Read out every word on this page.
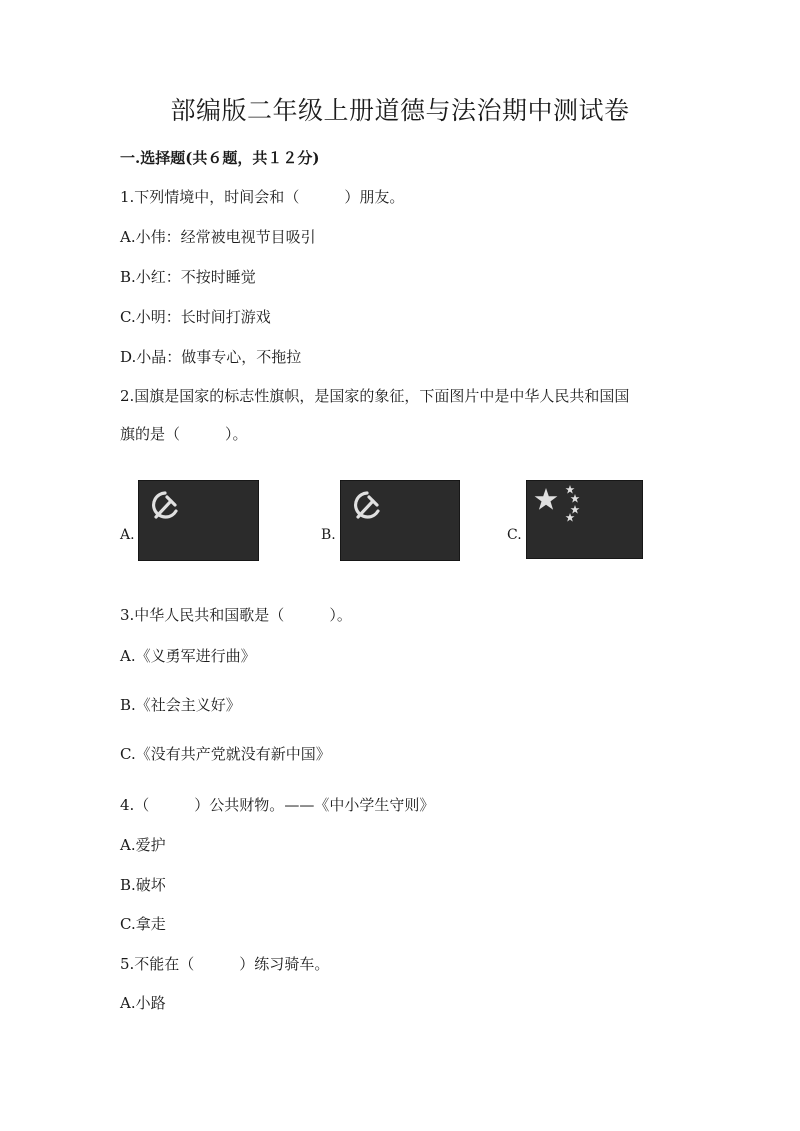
部编版二年级上册道德与法治期中测试卷
一.选择题(共６题，共１２分)
1.下列情境中，时间会和（　　　）朋友。
A.小伟：经常被电视节目吸引
B.小红：不按时睡觉
C.小明：长时间打游戏
D.小晶：做事专心，不拖拉
2.国旗是国家的标志性旗帜，是国家的象征，下面图片中是中华人民共和国国
旗的是（　　　）。
A.	B.	C.
3.中华人民共和国歌是（　　　）。
A.《义勇军进行曲》
B.《社会主义好》
C.《没有共产党就没有新中国》
4.（　　　）公共财物。——《中小学生守则》
A.爱护
B.破坏
C.拿走
5.不能在（　　　）练习骑车。
A.小路
